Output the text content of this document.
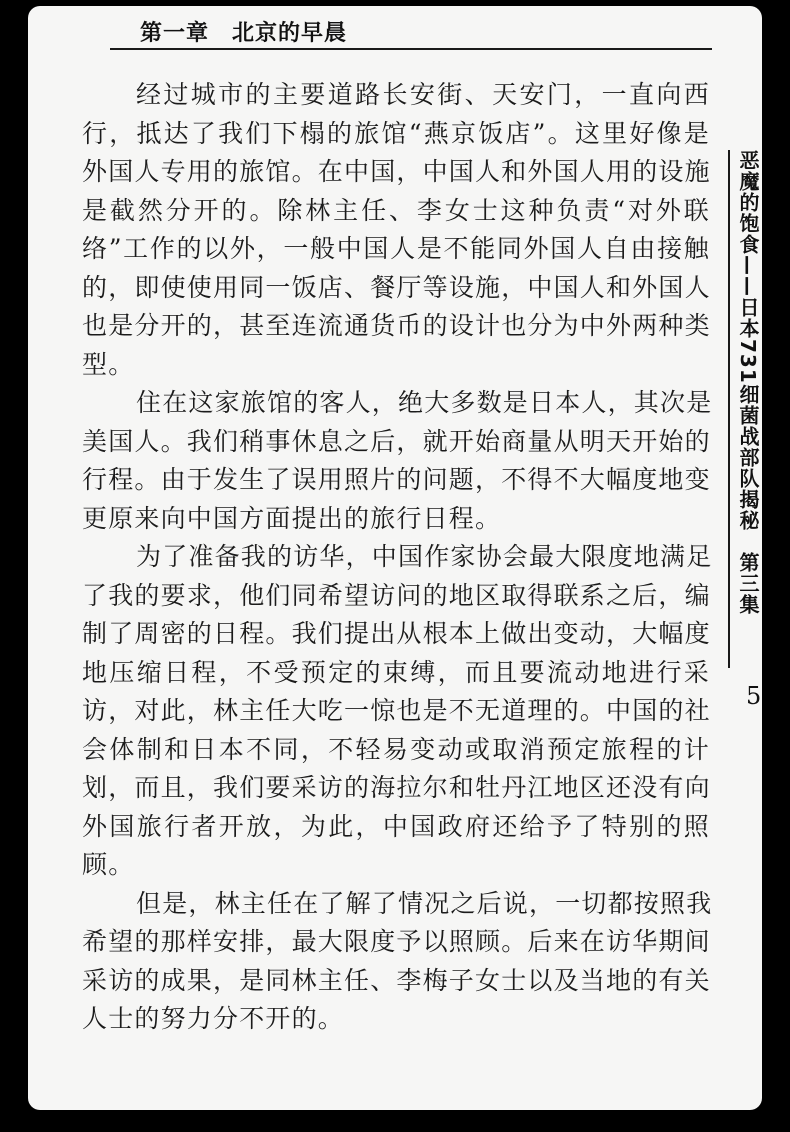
第一章　北京的早晨
经过城市的主要道路长安街、天安门，一直向西
行，抵达了我们下榻的旅馆“燕京饭店”。这里好像是
外国人专用的旅馆。在中国，中国人和外国人用的设施
是截然分开的。除林主任、李女士这种负责“对外联
络”工作的以外，一般中国人是不能同外国人自由接触
的，即使使用同一饭店、餐厅等设施，中国人和外国人
也是分开的，甚至连流通货币的设计也分为中外两种类
型。
住在这家旅馆的客人，绝大多数是日本人，其次是
美国人。我们稍事休息之后，就开始商量从明天开始的
行程。由于发生了误用照片的问题，不得不大幅度地变
更原来向中国方面提出的旅行日程。
为了准备我的访华，中国作家协会最大限度地满足
了我的要求，他们同希望访问的地区取得联系之后，编
制了周密的日程。我们提出从根本上做出变动，大幅度
地压缩日程，不受预定的束缚，而且要流动地进行采
访，对此，林主任大吃一惊也是不无道理的。中国的社
会体制和日本不同，不轻易变动或取消预定旅程的计
划，而且，我们要采访的海拉尔和牡丹江地区还没有向
外国旅行者开放，为此，中国政府还给予了特别的照
顾。
但是，林主任在了解了情况之后说，一切都按照我
希望的那样安排，最大限度予以照顾。后来在访华期间
采访的成果，是同林主任、李梅子女士以及当地的有关
人士的努力分不开的。
恶魔的饱食——日本731细菌战部队揭秘　第三集
5
